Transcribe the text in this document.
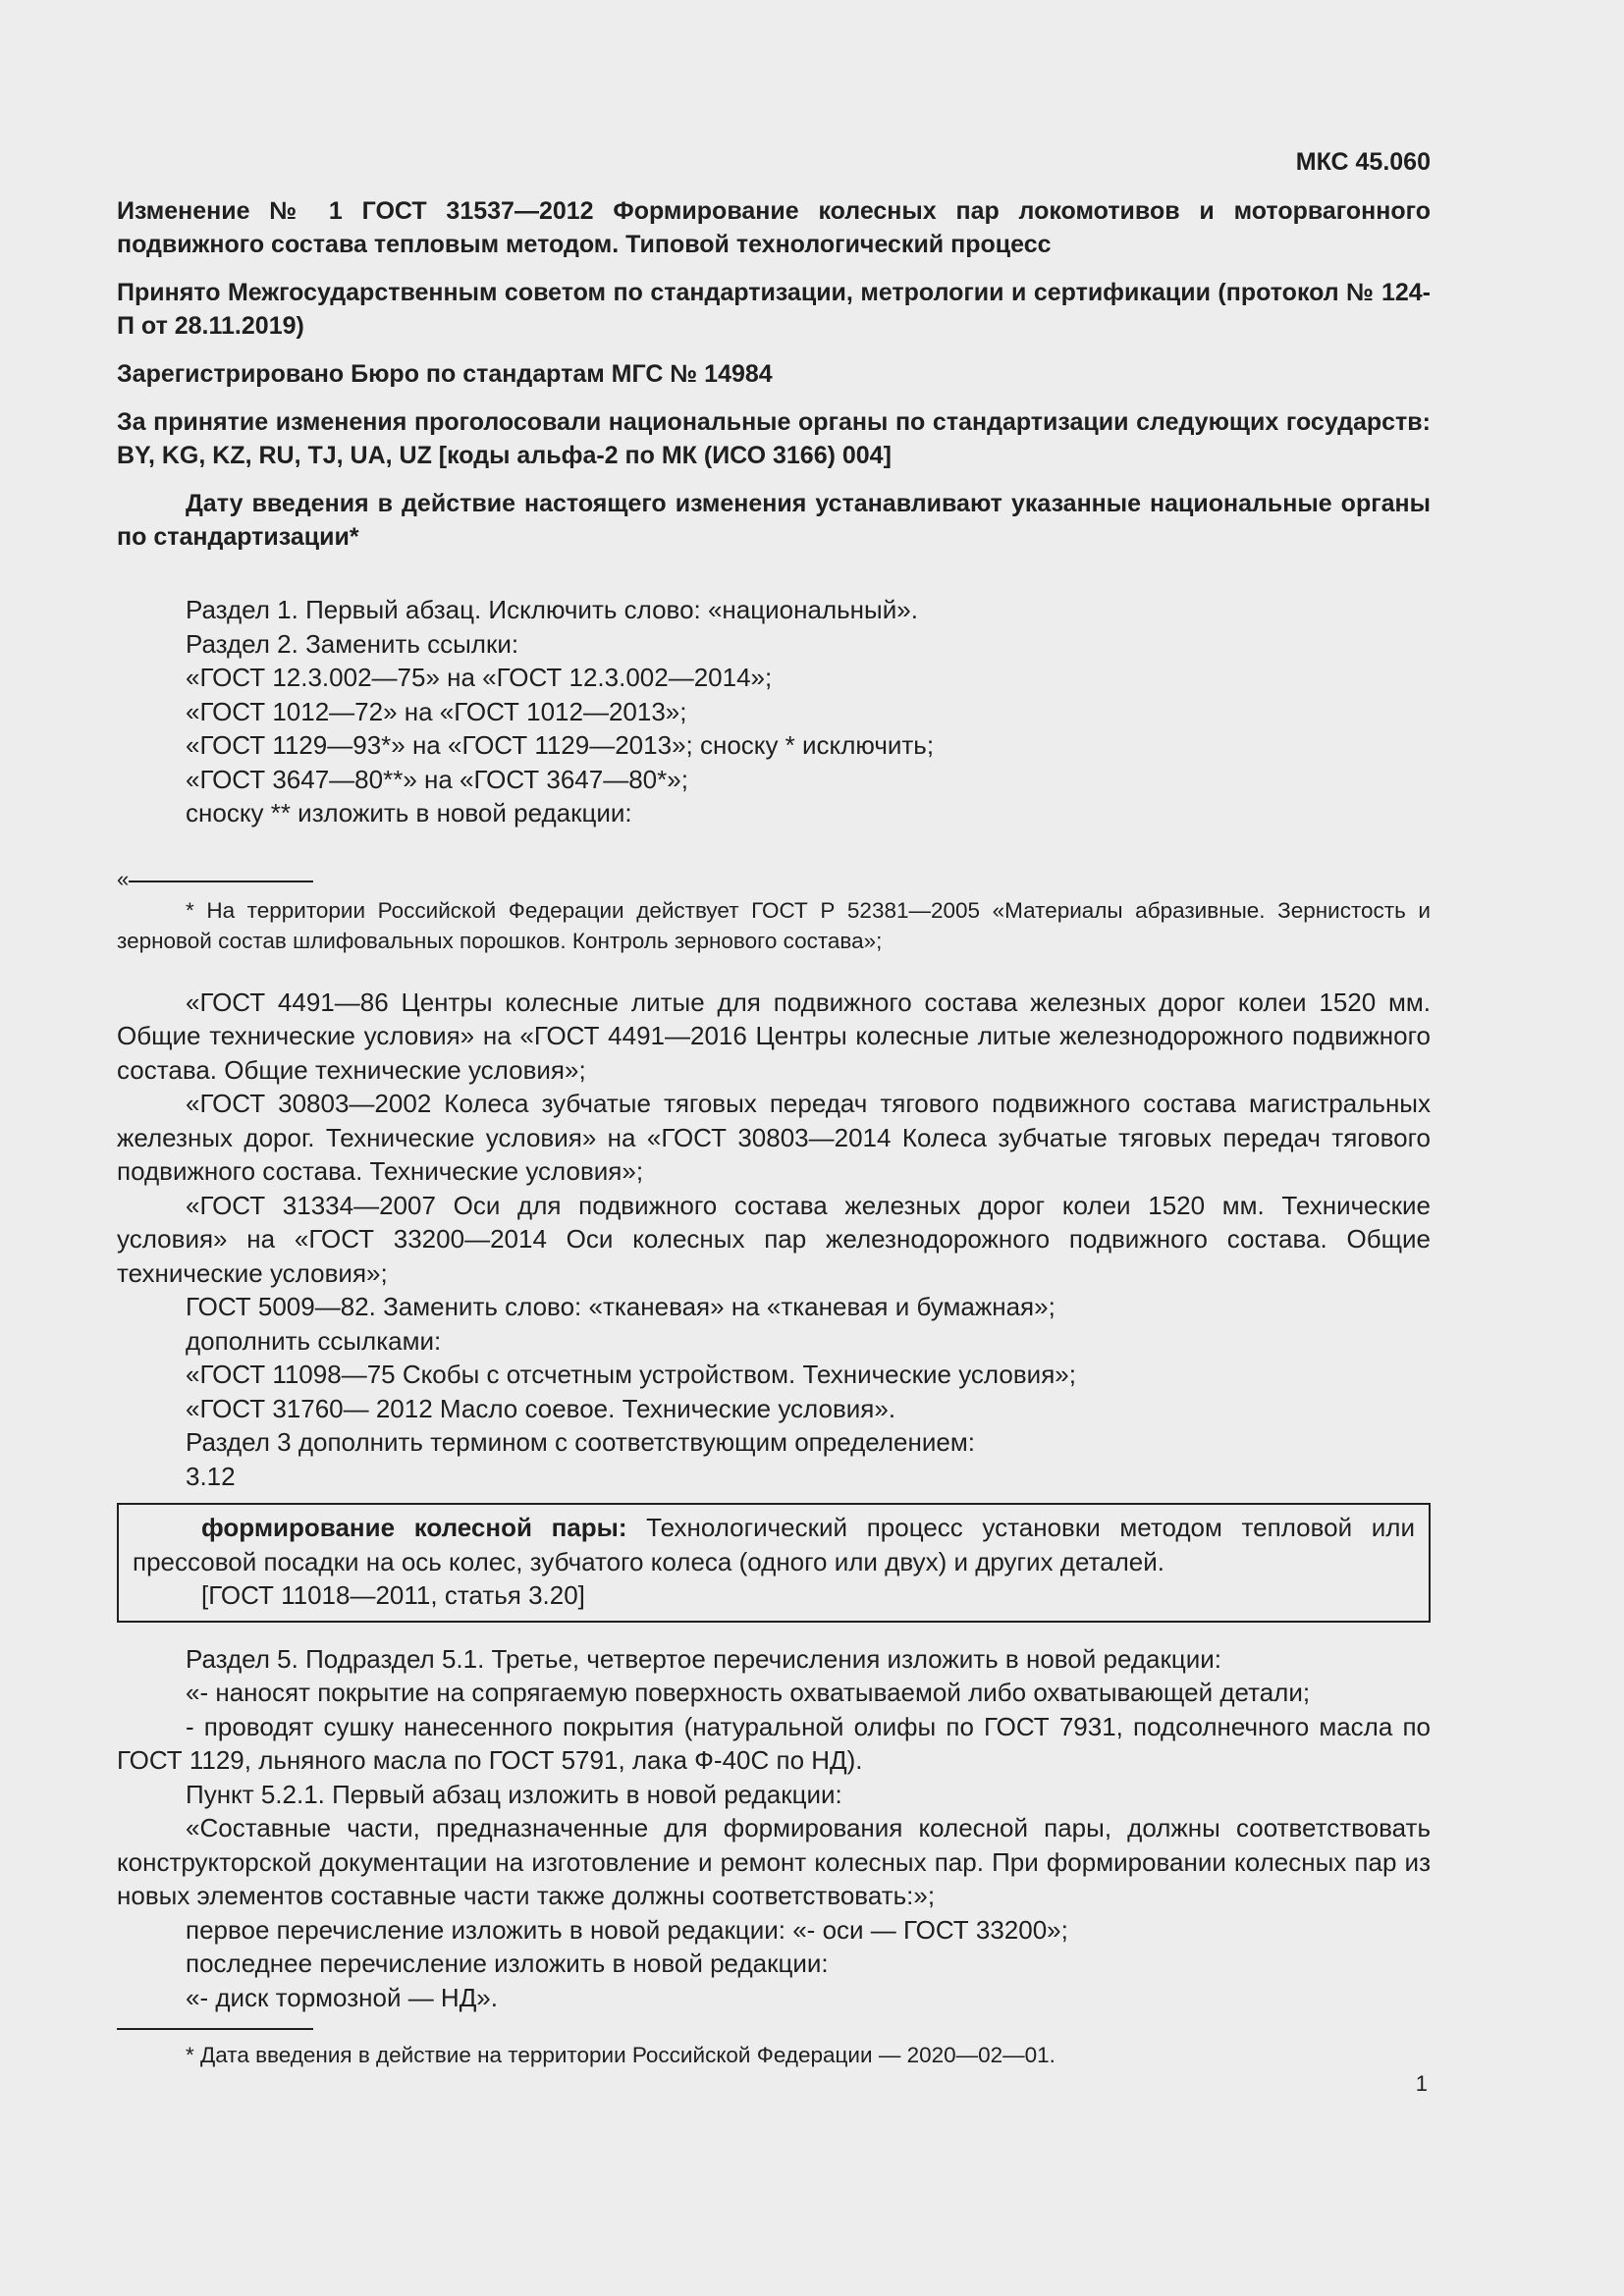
МКС 45.060

Изменение № 1 ГОСТ 31537—2012 Формирование колесных пар локомотивов и моторвагонного подвижного состава тепловым методом. Типовой технологический процесс

Принято Межгосударственным советом по стандартизации, метрологии и сертификации (протокол № 124-П от 28.11.2019)

Зарегистрировано Бюро по стандартам МГС № 14984

За принятие изменения проголосовали национальные органы по стандартизации следующих государств: BY, KG, KZ, RU, TJ, UA, UZ [коды альфа-2 по МК (ИСО 3166) 004]

Дату введения в действие настоящего изменения устанавливают указанные национальные органы по стандартизации*

Раздел 1. Первый абзац. Исключить слово: «национальный».

Раздел 2. Заменить ссылки:

«ГОСТ 12.3.002—75» на «ГОСТ 12.3.002—2014»;

«ГОСТ 1012—72» на «ГОСТ 1012—2013»;

«ГОСТ 1129—93*» на «ГОСТ 1129—2013»; сноску * исключить;

«ГОСТ 3647—80**» на «ГОСТ 3647—80*»;

сноску ** изложить в новой редакции:

«

* На территории Российской Федерации действует ГОСТ Р 52381—2005 «Материалы абразивные. Зернистость и зерновой состав шлифовальных порошков. Контроль зернового состава»;

«ГОСТ 4491—86 Центры колесные литые для подвижного состава железных дорог колеи 1520 мм. Общие технические условия» на «ГОСТ 4491—2016 Центры колесные литые железнодорожного подвижного состава. Общие технические условия»;

«ГОСТ 30803—2002 Колеса зубчатые тяговых передач тягового подвижного состава магистральных железных дорог. Технические условия» на «ГОСТ 30803—2014 Колеса зубчатые тяговых передач тягового подвижного состава. Технические условия»;

«ГОСТ 31334—2007 Оси для подвижного состава железных дорог колеи 1520 мм. Технические условия» на «ГОСТ 33200—2014 Оси колесных пар железнодорожного подвижного состава. Общие технические условия»;

ГОСТ 5009—82. Заменить слово: «тканевая» на «тканевая и бумажная»;

дополнить ссылками:

«ГОСТ 11098—75 Скобы с отсчетным устройством. Технические условия»;

«ГОСТ 31760— 2012 Масло соевое. Технические условия».

Раздел 3 дополнить термином с соответствующим определением:

3.12

формирование колесной пары: Технологический процесс установки методом тепловой или прессовой посадки на ось колес, зубчатого колеса (одного или двух) и других деталей.

[ГОСТ 11018—2011, статья 3.20]

Раздел 5. Подраздел 5.1. Третье, четвертое перечисления изложить в новой редакции:

«- наносят покрытие на сопрягаемую поверхность охватываемой либо охватывающей детали;

- проводят сушку нанесенного покрытия (натуральной олифы по ГОСТ 7931, подсолнечного масла по ГОСТ 1129, льняного масла по ГОСТ 5791, лака Ф-40С по НД).

Пункт 5.2.1. Первый абзац изложить в новой редакции:

«Составные части, предназначенные для формирования колесной пары, должны соответствовать конструкторской документации на изготовление и ремонт колесных пар. При формировании колесных пар из новых элементов составные части также должны соответствовать:»;

первое перечисление изложить в новой редакции: «- оси — ГОСТ 33200»;

последнее перечисление изложить в новой редакции:

«- диск тормозной — НД».

* Дата введения в действие на территории Российской Федерации — 2020—02—01.

1
